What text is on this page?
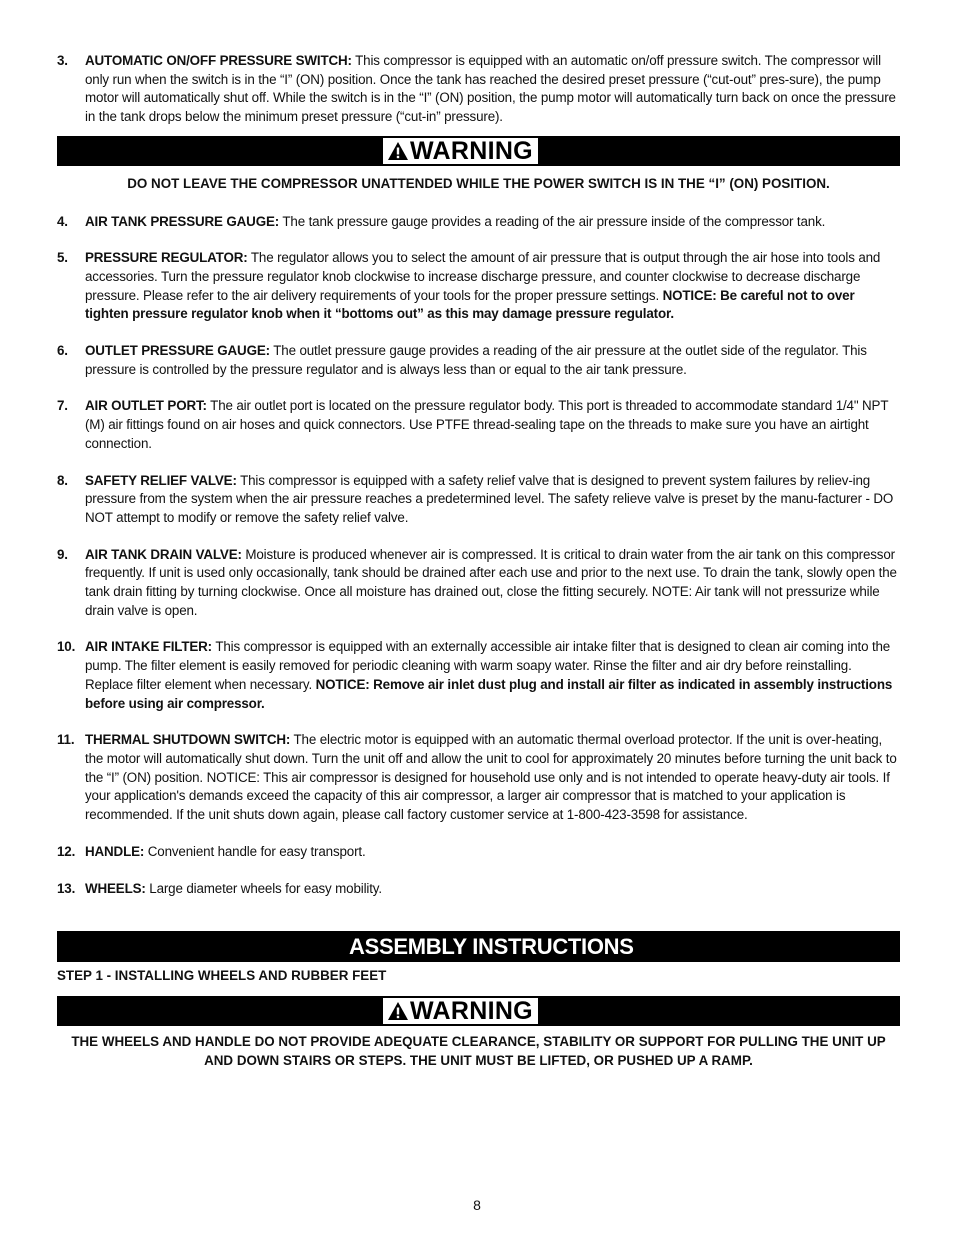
3. AUTOMATIC ON/OFF PRESSURE SWITCH: This compressor is equipped with an automatic on/off pressure switch. The compressor will only run when the switch is in the “I” (ON) position. Once the tank has reached the desired preset pressure (“cut-out” pres-sure), the pump motor will automatically shut off. While the switch is in the “I” (ON) position, the pump motor will automatically turn back on once the pressure in the tank drops below the minimum preset pressure (“cut-in” pressure).
WARNING
DO NOT LEAVE THE COMPRESSOR UNATTENDED WHILE THE POWER SWITCH IS IN THE “I” (ON) POSITION.
4. AIR TANK PRESSURE GAUGE: The tank pressure gauge provides a reading of the air pressure inside of the compressor tank.
5. PRESSURE REGULATOR: The regulator allows you to select the amount of air pressure that is output through the air hose into tools and accessories. Turn the pressure regulator knob clockwise to increase discharge pressure, and counter clockwise to decrease discharge pressure. Please refer to the air delivery requirements of your tools for the proper pressure settings. NOTICE: Be careful not to over tighten pressure regulator knob when it “bottoms out” as this may damage pressure regulator.
6. OUTLET PRESSURE GAUGE: The outlet pressure gauge provides a reading of the air pressure at the outlet side of the regulator. This pressure is controlled by the pressure regulator and is always less than or equal to the air tank pressure.
7. AIR OUTLET PORT: The air outlet port is located on the pressure regulator body. This port is threaded to accommodate standard 1/4" NPT (M) air fittings found on air hoses and quick connectors. Use PTFE thread-sealing tape on the threads to make sure you have an airtight connection.
8. SAFETY RELIEF VALVE: This compressor is equipped with a safety relief valve that is designed to prevent system failures by reliev-ing pressure from the system when the air pressure reaches a predetermined level. The safety relieve valve is preset by the manu-facturer - DO NOT attempt to modify or remove the safety relief valve.
9. AIR TANK DRAIN VALVE: Moisture is produced whenever air is compressed. It is critical to drain water from the air tank on this compressor frequently. If unit is used only occasionally, tank should be drained after each use and prior to the next use. To drain the tank, slowly open the tank drain fitting by turning clockwise. Once all moisture has drained out, close the fitting securely. NOTE: Air tank will not pressurize while drain valve is open.
10. AIR INTAKE FILTER: This compressor is equipped with an externally accessible air intake filter that is designed to clean air coming into the pump. The filter element is easily removed for periodic cleaning with warm soapy water. Rinse the filter and air dry before reinstalling. Replace filter element when necessary. NOTICE: Remove air inlet dust plug and install air filter as indicated in assembly instructions before using air compressor.
11. THERMAL SHUTDOWN SWITCH: The electric motor is equipped with an automatic thermal overload protector. If the unit is over-heating, the motor will automatically shut down. Turn the unit off and allow the unit to cool for approximately 20 minutes before turning the unit back to the “I” (ON) position. NOTICE: This air compressor is designed for household use only and is not intended to operate heavy-duty air tools. If your application's demands exceed the capacity of this air compressor, a larger air compressor that is matched to your application is recommended. If the unit shuts down again, please call factory customer service at 1-800-423-3598 for assistance.
12. HANDLE: Convenient handle for easy transport.
13. WHEELS: Large diameter wheels for easy mobility.
ASSEMBLY INSTRUCTIONS
STEP 1 - INSTALLING WHEELS AND RUBBER FEET
WARNING
THE WHEELS AND HANDLE DO NOT PROVIDE ADEQUATE CLEARANCE, STABILITY OR SUPPORT FOR PULLING THE UNIT UP AND DOWN STAIRS OR STEPS. THE UNIT MUST BE LIFTED, OR PUSHED UP A RAMP.
8
